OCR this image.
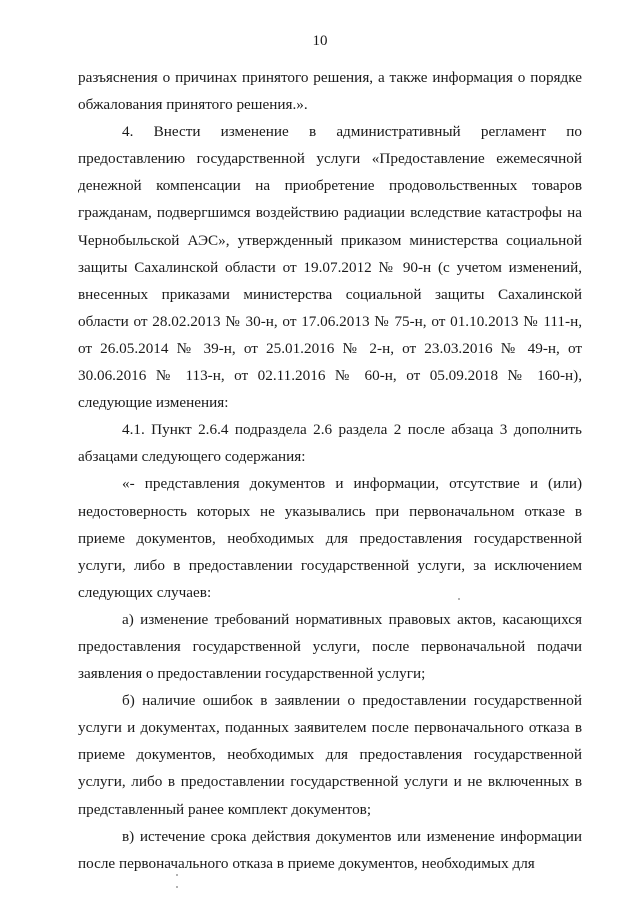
10

разъяснения о причинах принятого решения, а также информация о порядке обжалования принятого решения.».

4. Внести изменение в административный регламент по предоставлению государственной услуги «Предоставление ежемесячной денежной компенсации на приобретение продовольственных товаров гражданам, подвергшимся воздействию радиации вследствие катастрофы на Чернобыльской АЭС», утвержденный приказом министерства социальной защиты Сахалинской области от 19.07.2012 № 90-н (с учетом изменений, внесенных приказами министерства социальной защиты Сахалинской области от 28.02.2013 № 30-н, от 17.06.2013 № 75-н, от 01.10.2013 № 111-н, от 26.05.2014 № 39-н, от 25.01.2016 № 2-н, от 23.03.2016 № 49-н, от 30.06.2016 № 113-н, от 02.11.2016 № 60-н, от 05.09.2018 № 160-н), следующие изменения:

4.1. Пункт 2.6.4 подраздела 2.6 раздела 2 после абзаца 3 дополнить абзацами следующего содержания:

«- представления документов и информации, отсутствие и (или) недостоверность которых не указывались при первоначальном отказе в приеме документов, необходимых для предоставления государственной услуги, либо в предоставлении государственной услуги, за исключением следующих случаев:

а) изменение требований нормативных правовых актов, касающихся предоставления государственной услуги, после первоначальной подачи заявления о предоставлении государственной услуги;

б) наличие ошибок в заявлении о предоставлении государственной услуги и документах, поданных заявителем после первоначального отказа в приеме документов, необходимых для предоставления государственной услуги, либо в предоставлении государственной услуги и не включенных в представленный ранее комплект документов;

в) истечение срока действия документов или изменение информации после первоначального отказа в приеме документов, необходимых для
